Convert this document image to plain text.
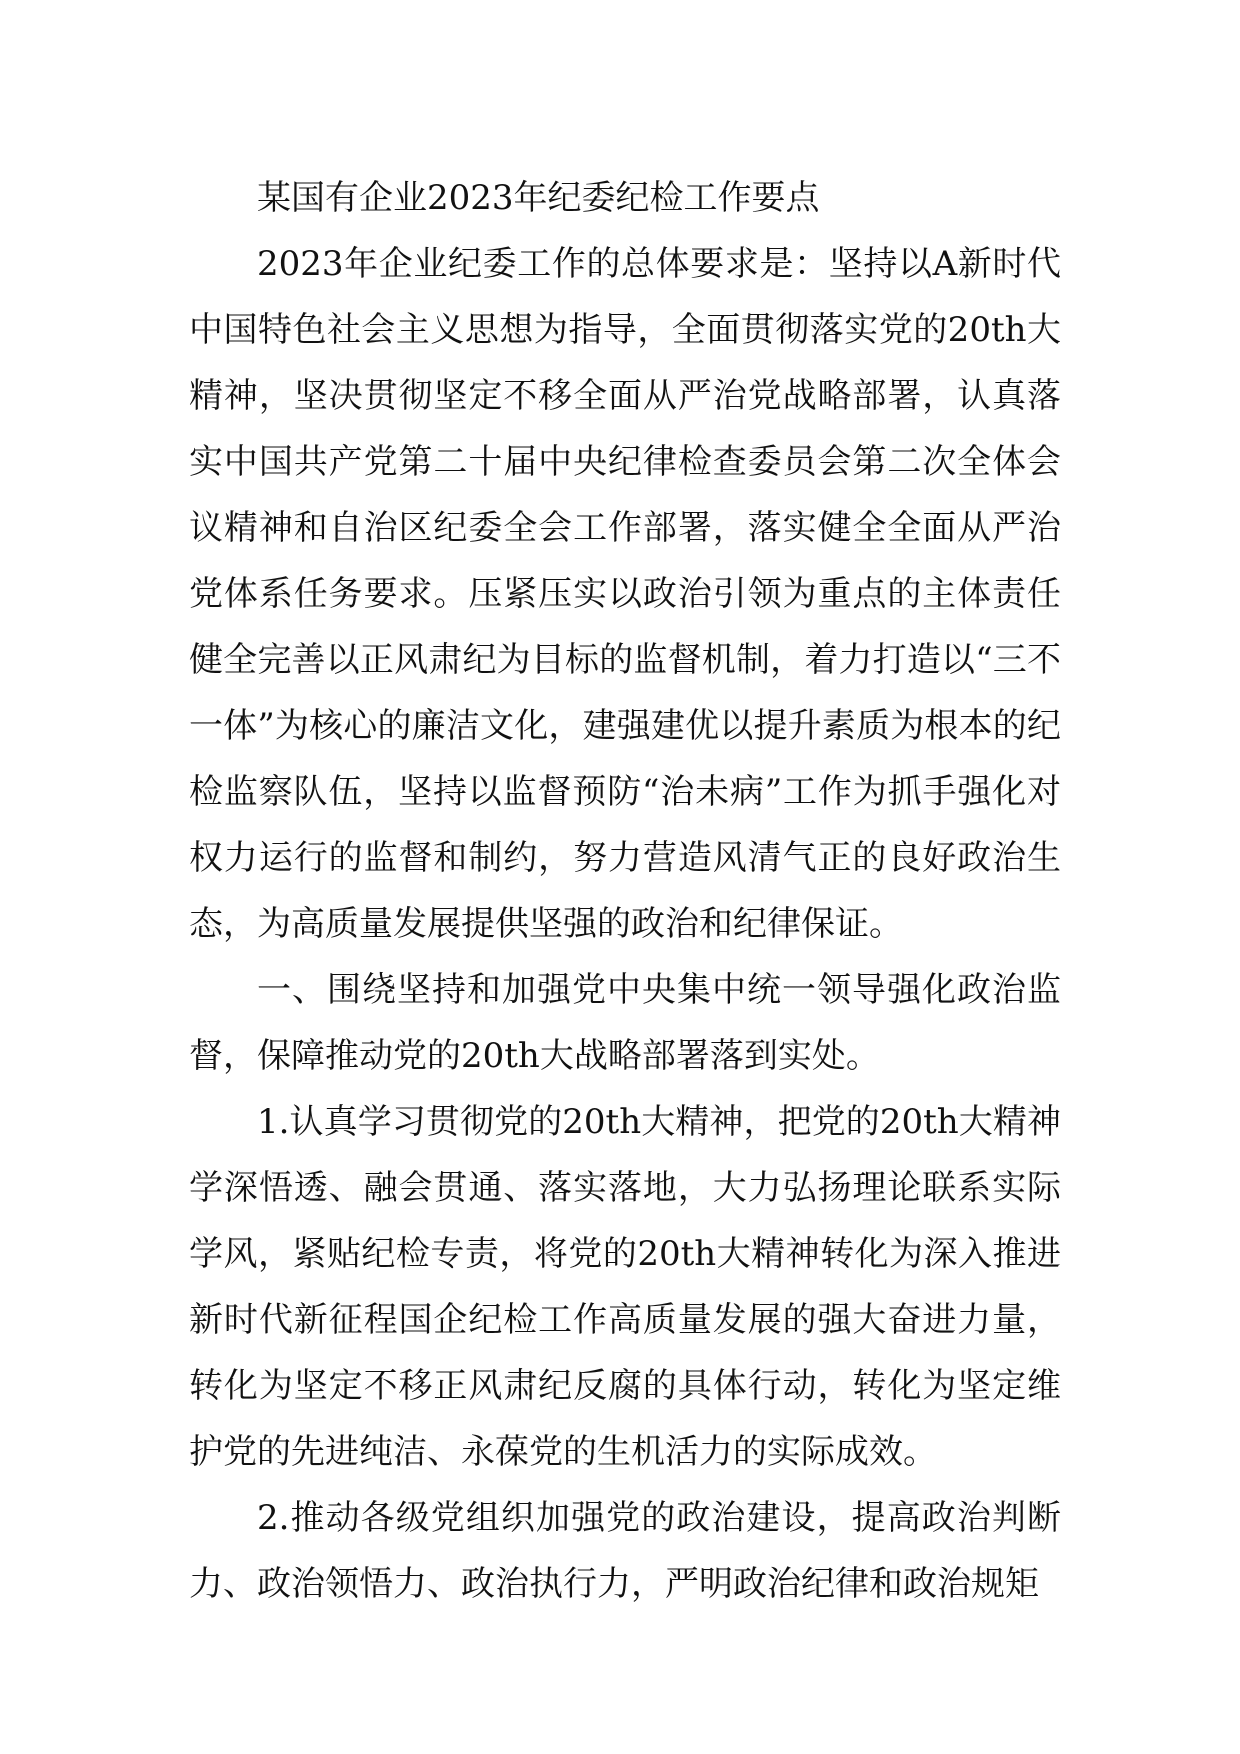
某国有企业2023年纪委纪检工作要点

2023年企业纪委工作的总体要求是：坚持以A新时代中国特色社会主义思想为指导，全面贯彻落实党的20th大精神，坚决贯彻坚定不移全面从严治党战略部署，认真落实中国共产党第二十届中央纪律检查委员会第二次全体会议精神和自治区纪委全会工作部署，落实健全全面从严治党体系任务要求。压紧压实以政治引领为重点的主体责任健全完善以正风肃纪为目标的监督机制，着力打造以“三不一体”为核心的廉洁文化，建强建优以提升素质为根本的纪检监察队伍，坚持以监督预防“治未病”工作为抓手强化对权力运行的监督和制约，努力营造风清气正的良好政治生态，为高质量发展提供坚强的政治和纪律保证。

一、围绕坚持和加强党中央集中统一领导强化政治监督，保障推动党的20th大战略部署落到实处。

1.认真学习贯彻党的20th大精神，把党的20th大精神学深悟透、融会贯通、落实落地，大力弘扬理论联系实际学风，紧贴纪检专责，将党的20th大精神转化为深入推进新时代新征程国企纪检工作高质量发展的强大奋进力量，转化为坚定不移正风肃纪反腐的具体行动，转化为坚定维护党的先进纯洁、永葆党的生机活力的实际成效。

2.推动各级党组织加强党的政治建设，提高政治判断力、政治领悟力、政治执行力，严明政治纪律和政治规矩
